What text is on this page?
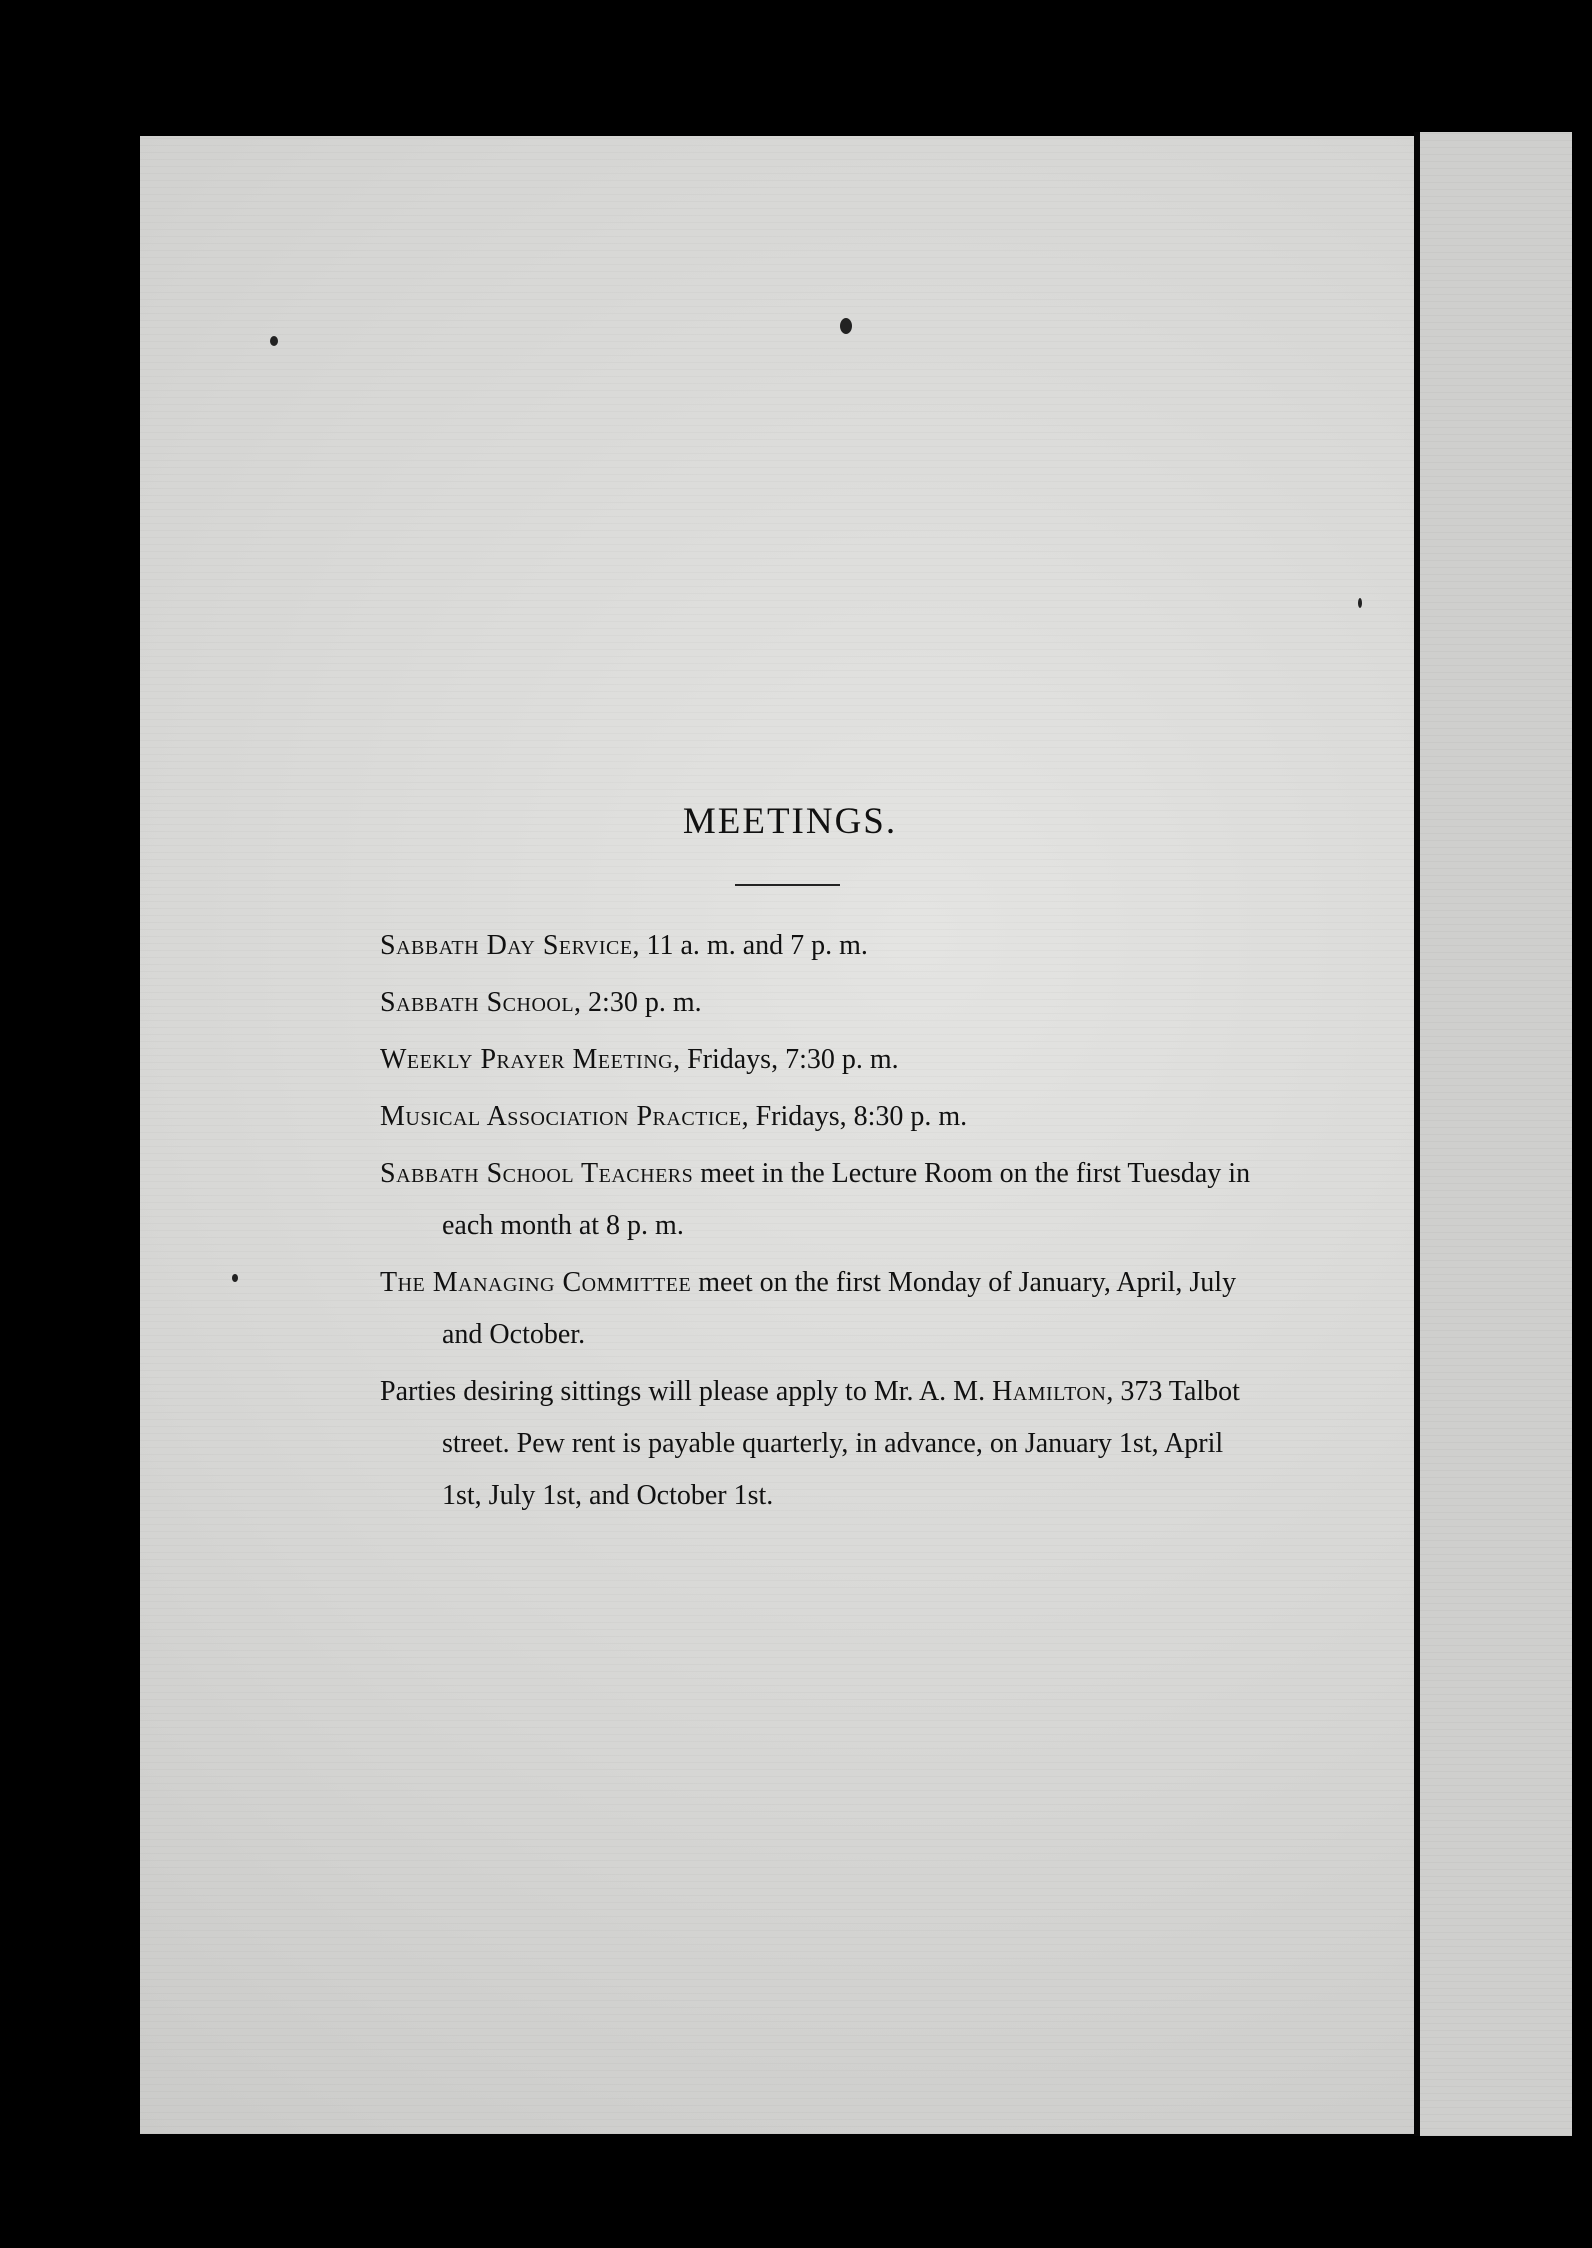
MEETINGS.

Sabbath Day Service, 11 a. m. and 7 p. m.

Sabbath School, 2:30 p. m.

Weekly Prayer Meeting, Fridays, 7:30 p. m.

Musical Association Practice, Fridays, 8:30 p. m.

Sabbath School Teachers meet in the Lecture Room on the first Tuesday in each month at 8 p. m.

The Managing Committee meet on the first Monday of January, April, July and October.

Parties desiring sittings will please apply to Mr. A. M. Hamilton, 373 Talbot street. Pew rent is payable quarterly, in advance, on January 1st, April 1st, July 1st, and October 1st.
